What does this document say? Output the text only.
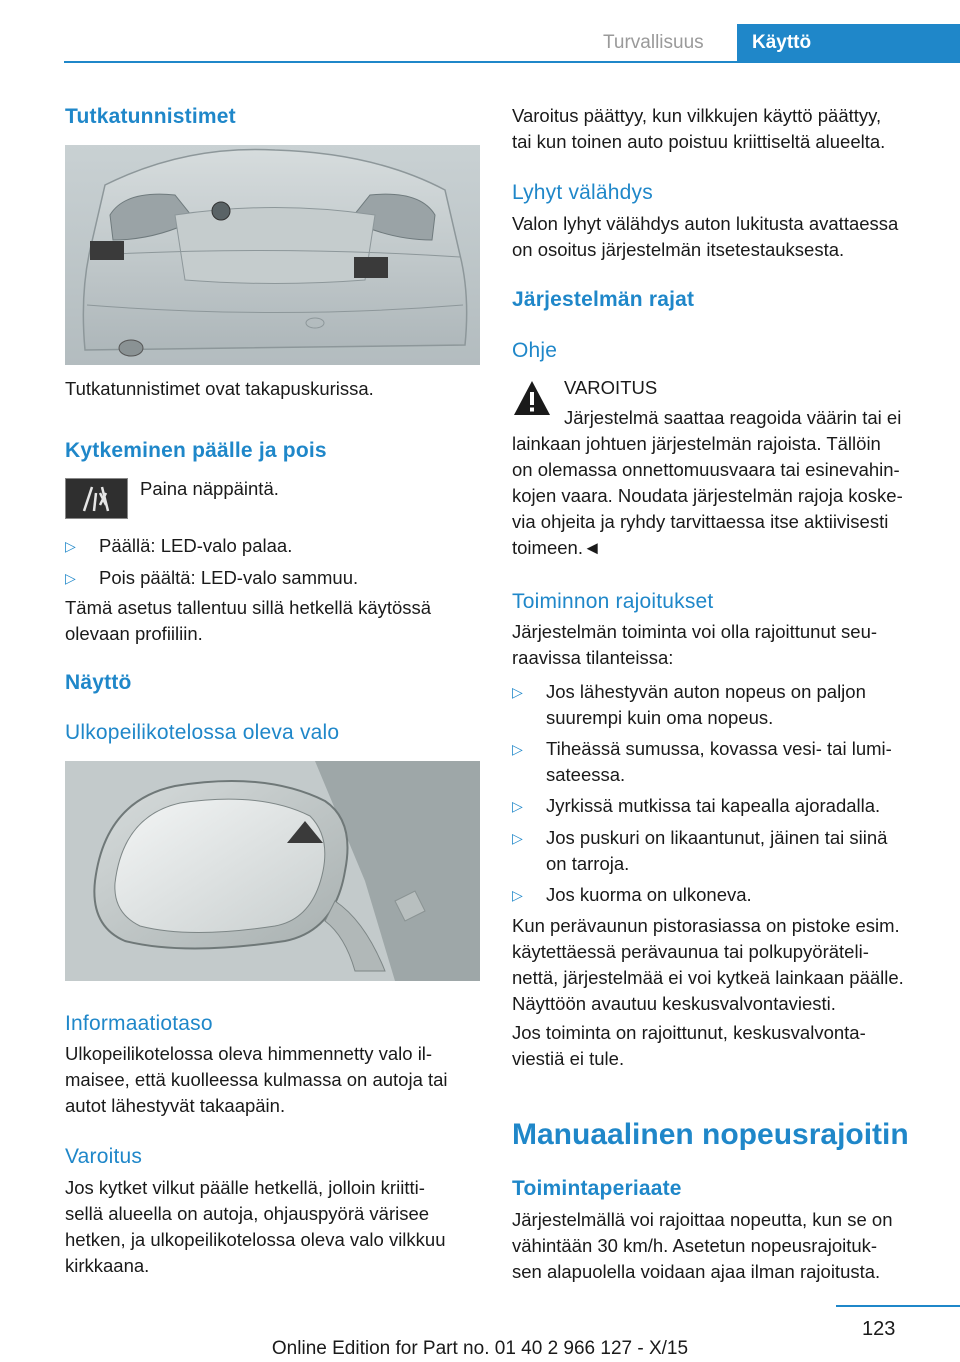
Turvallisuus	Käyttö
Tutkatunnistimet
Tutkatunnistimet ovat takapuskurissa.
Kytkeminen päälle ja pois
Paina näppäintä.
▷ Päällä: LED-valo palaa.
▷ Pois päältä: LED-valo sammuu.
Tämä asetus tallentuu sillä hetkellä käytössä
olevaan profiiliin.
Näyttö
Ulkopeilikotelossa oleva valo
Informaatiotaso
Ulkopeilikotelossa oleva himmennetty valo il-
maisee, että kuolleessa kulmassa on autoja tai
autot lähestyvät takaapäin.
Varoitus
Jos kytket vilkut päälle hetkellä, jolloin kriitti-
sellä alueella on autoja, ohjauspyörä värisee
hetken, ja ulkopeilikotelossa oleva valo vilkkuu
kirkkaana.
Varoitus päättyy, kun vilkkujen käyttö päättyy,
tai kun toinen auto poistuu kriittiseltä alueelta.
Lyhyt välähdys
Valon lyhyt välähdys auton lukitusta avattaessa
on osoitus järjestelmän itsetestauksesta.
Järjestelmän rajat
Ohje
VAROITUS
Järjestelmä saattaa reagoida väärin tai ei
lainkaan johtuen järjestelmän rajoista. Tällöin
on olemassa onnettomuusvaara tai esinevahin-
kojen vaara. Noudata järjestelmän rajoja koske-
via ohjeita ja ryhdy tarvittaessa itse aktiivisesti
toimeen.◄
Toiminnon rajoitukset
Järjestelmän toiminta voi olla rajoittunut seu-
raavissa tilanteissa:
▷ Jos lähestyvän auton nopeus on paljon
suurempi kuin oma nopeus.
▷ Tiheässä sumussa, kovassa vesi- tai lumi-
sateessa.
▷ Jyrkissä mutkissa tai kapealla ajoradalla.
▷ Jos puskuri on likaantunut, jäinen tai siinä
on tarroja.
▷ Jos kuorma on ulkoneva.
Kun perävaunun pistorasiassa on pistoke esim.
käytettäessä perävaunua tai polkupyöräteli-
nettä, järjestelmää ei voi kytkeä lainkaan päälle.
Näyttöön avautuu keskusvalvontaviesti.
Jos toiminta on rajoittunut, keskusvalvonta-
viestiä ei tule.
Manuaalinen nopeusrajoitin
Toimintaperiaate
Järjestelmällä voi rajoittaa nopeutta, kun se on
vähintään 30 km/h. Asetetun nopeusrajoituk-
sen alapuolella voidaan ajaa ilman rajoitusta.
123
Online Edition for Part no. 01 40 2 966 127 - X/15
